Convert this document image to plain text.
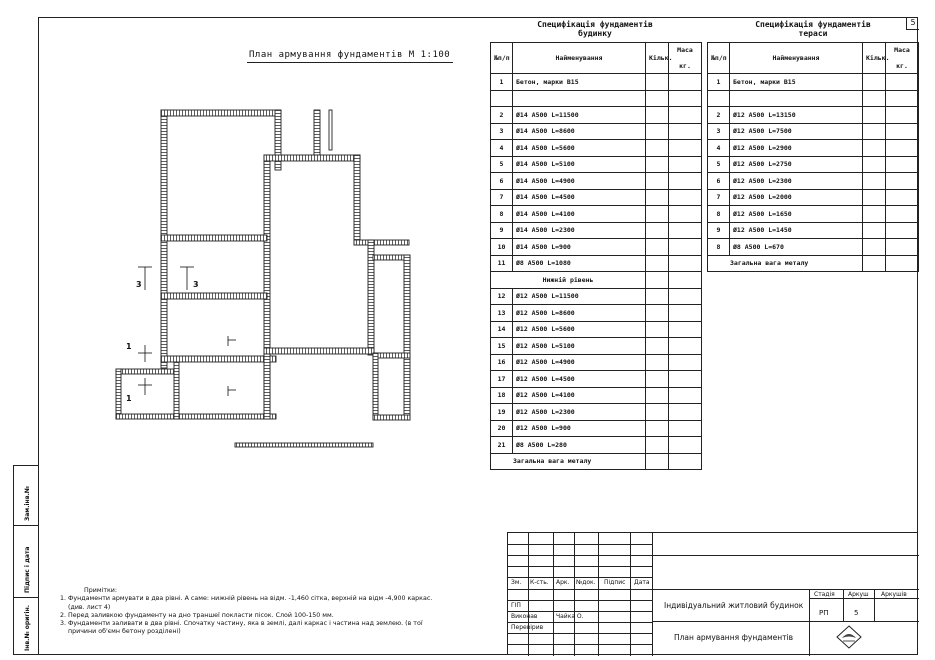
5
Зам.інв.№
Підпис і дата
Інв.№ оригін.
План армування фундаментів М 1:100
3	3
1
1
Специфікація фундаментів
будинку
№п/п	Найменування	Кільк.	Маса

кг.
1	Бетон, марки В15		

2	Ø14 А500 L=11500		
3	Ø14 А500 L=8600		
4	Ø14 А500 L=5600		
5	Ø14 А500 L=5100		
6	Ø14 А500 L=4900		
7	Ø14 А500 L=4500		
8	Ø14 А500 L=4100		
9	Ø14 А500 L=2300		
10	Ø14 А500 L=900		
11	Ø8 А500 L=1080		
Нижній рівень			
12	Ø12 А500 L=11500		
13	Ø12 А500 L=8600		
14	Ø12 А500 L=5600		
15	Ø12 А500 L=5100		
16	Ø12 А500 L=4900		
17	Ø12 А500 L=4500		
18	Ø12 А500 L=4100		
19	Ø12 А500 L=2300		
20	Ø12 А500 L=900		
21	Ø8 А500 L=280		
Загальна вага металу			
Специфікація фундаментів
тераси
№п/п	Найменування	Кільк.	Маса

кг.
1	Бетон, марки В15		

2	Ø12 А500 L=13150		
3	Ø12 А500 L=7500		
4	Ø12 А500 L=2900		
5	Ø12 А500 L=2750		
6	Ø12 А500 L=2300		
7	Ø12 А500 L=2000		
8	Ø12 А500 L=1650		
9	Ø12 А500 L=1450		
8	Ø8 А500 L=670		
Загальна вага металу			
Примітки:
1. Фундаменти армувати в два рівні. А саме: нижній рівень на відм. -1,460 сітка, верхній на відм -4,900 каркас.
(див. лист 4)
2. Перед заливкою фундаменту на дно траншеї покласти пісок. Слой 100-150 мм.
3. Фундаменти заливати в два рівні. Спочатку частину, яка в землі, далі каркас і частина над землею. (в тої
причини об'ємн бетону розділені)
Зм. К-сть. Арк. №док. Підпис Дата
ГІП
Виконав
Перевірив
Чайка О.
Індивідуальний житловий будинок
План армування фундаментів
Стадія Аркуш Аркушів
РП	5
